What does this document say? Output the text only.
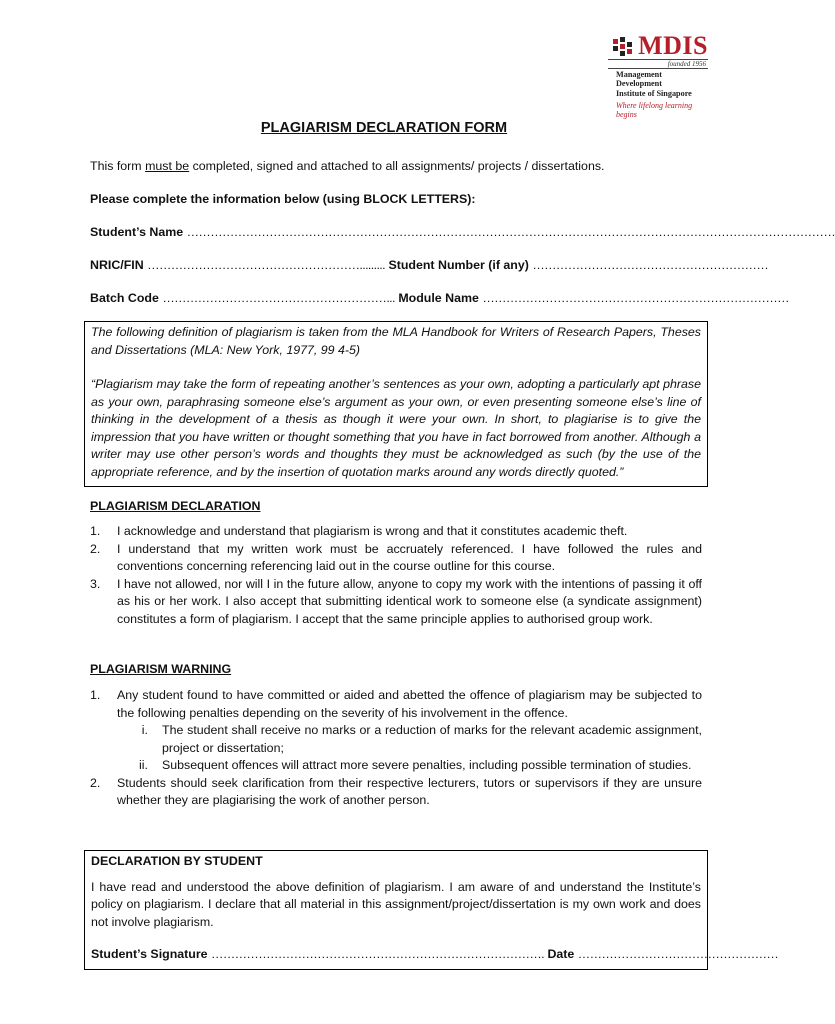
MDIS
founded 1956
Management Development
Institute of Singapore
Where lifelong learning begins
PLAGIARISM DECLARATION FORM
This form must be completed, signed and attached to all assignments/ projects / dissertations.
Please complete the information below (using BLOCK LETTERS):
Student’s Name …………………………………………………………………………………………………………………………………………………
NRIC/FIN ………………………………………………......... Student Number (if any) ……………………………………………………
Batch Code …………………………………………………... Module Name ……………………………………………………………………

The following definition of plagiarism is taken from the MLA Handbook for Writers of Research Papers, Theses and Dissertations (MLA: New York, 1977, 99 4-5)

“Plagiarism may take the form of repeating another’s sentences as your own, adopting a particularly apt phrase as your own, paraphrasing someone else’s argument as your own, or even presenting someone else’s line of thinking in the development of a thesis as though it were your own. In short, to plagiarise is to give the impression that you have written or thought something that you have in fact borrowed from another. Although a writer may use other person’s words and thoughts they must be acknowledged as such (by the use of the appropriate reference, and by the insertion of quotation marks around any words directly quoted.”

PLAGIARISM DECLARATION
1. I acknowledge and understand that plagiarism is wrong and that it constitutes academic theft.
2. I understand that my written work must be accruately referenced. I have followed the rules and conventions concerning referencing laid out in the course outline for this course.
3. I have not allowed, nor will I in the future allow, anyone to copy my work with the intentions of passing it off as his or her work. I also accept that submitting identical work to someone else (a syndicate assignment) constitutes a form of plagiarism. I accept that the same principle applies to authorised group work.
PLAGIARISM WARNING
1. Any student found to have committed or aided and abetted the offence of plagiarism may be subjected to the following penalties depending on the severity of his involvement in the offence.
i. The student shall receive no marks or a reduction of marks for the relevant academic assignment, project or dissertation;
ii. Subsequent offences will attract more severe penalties, including possible termination of studies.
2. Students should seek clarification from their respective lecturers, tutors or supervisors if they are unsure whether they are plagiarising the work of another person.

DECLARATION BY STUDENT

I have read and understood the above definition of plagiarism. I am aware of and understand the Institute’s policy on plagiarism. I declare that all material in this assignment/project/dissertation is my own work and does not involve plagiarism.

Student’s Signature …………………………………………………………………………. Date ……………………………………………
